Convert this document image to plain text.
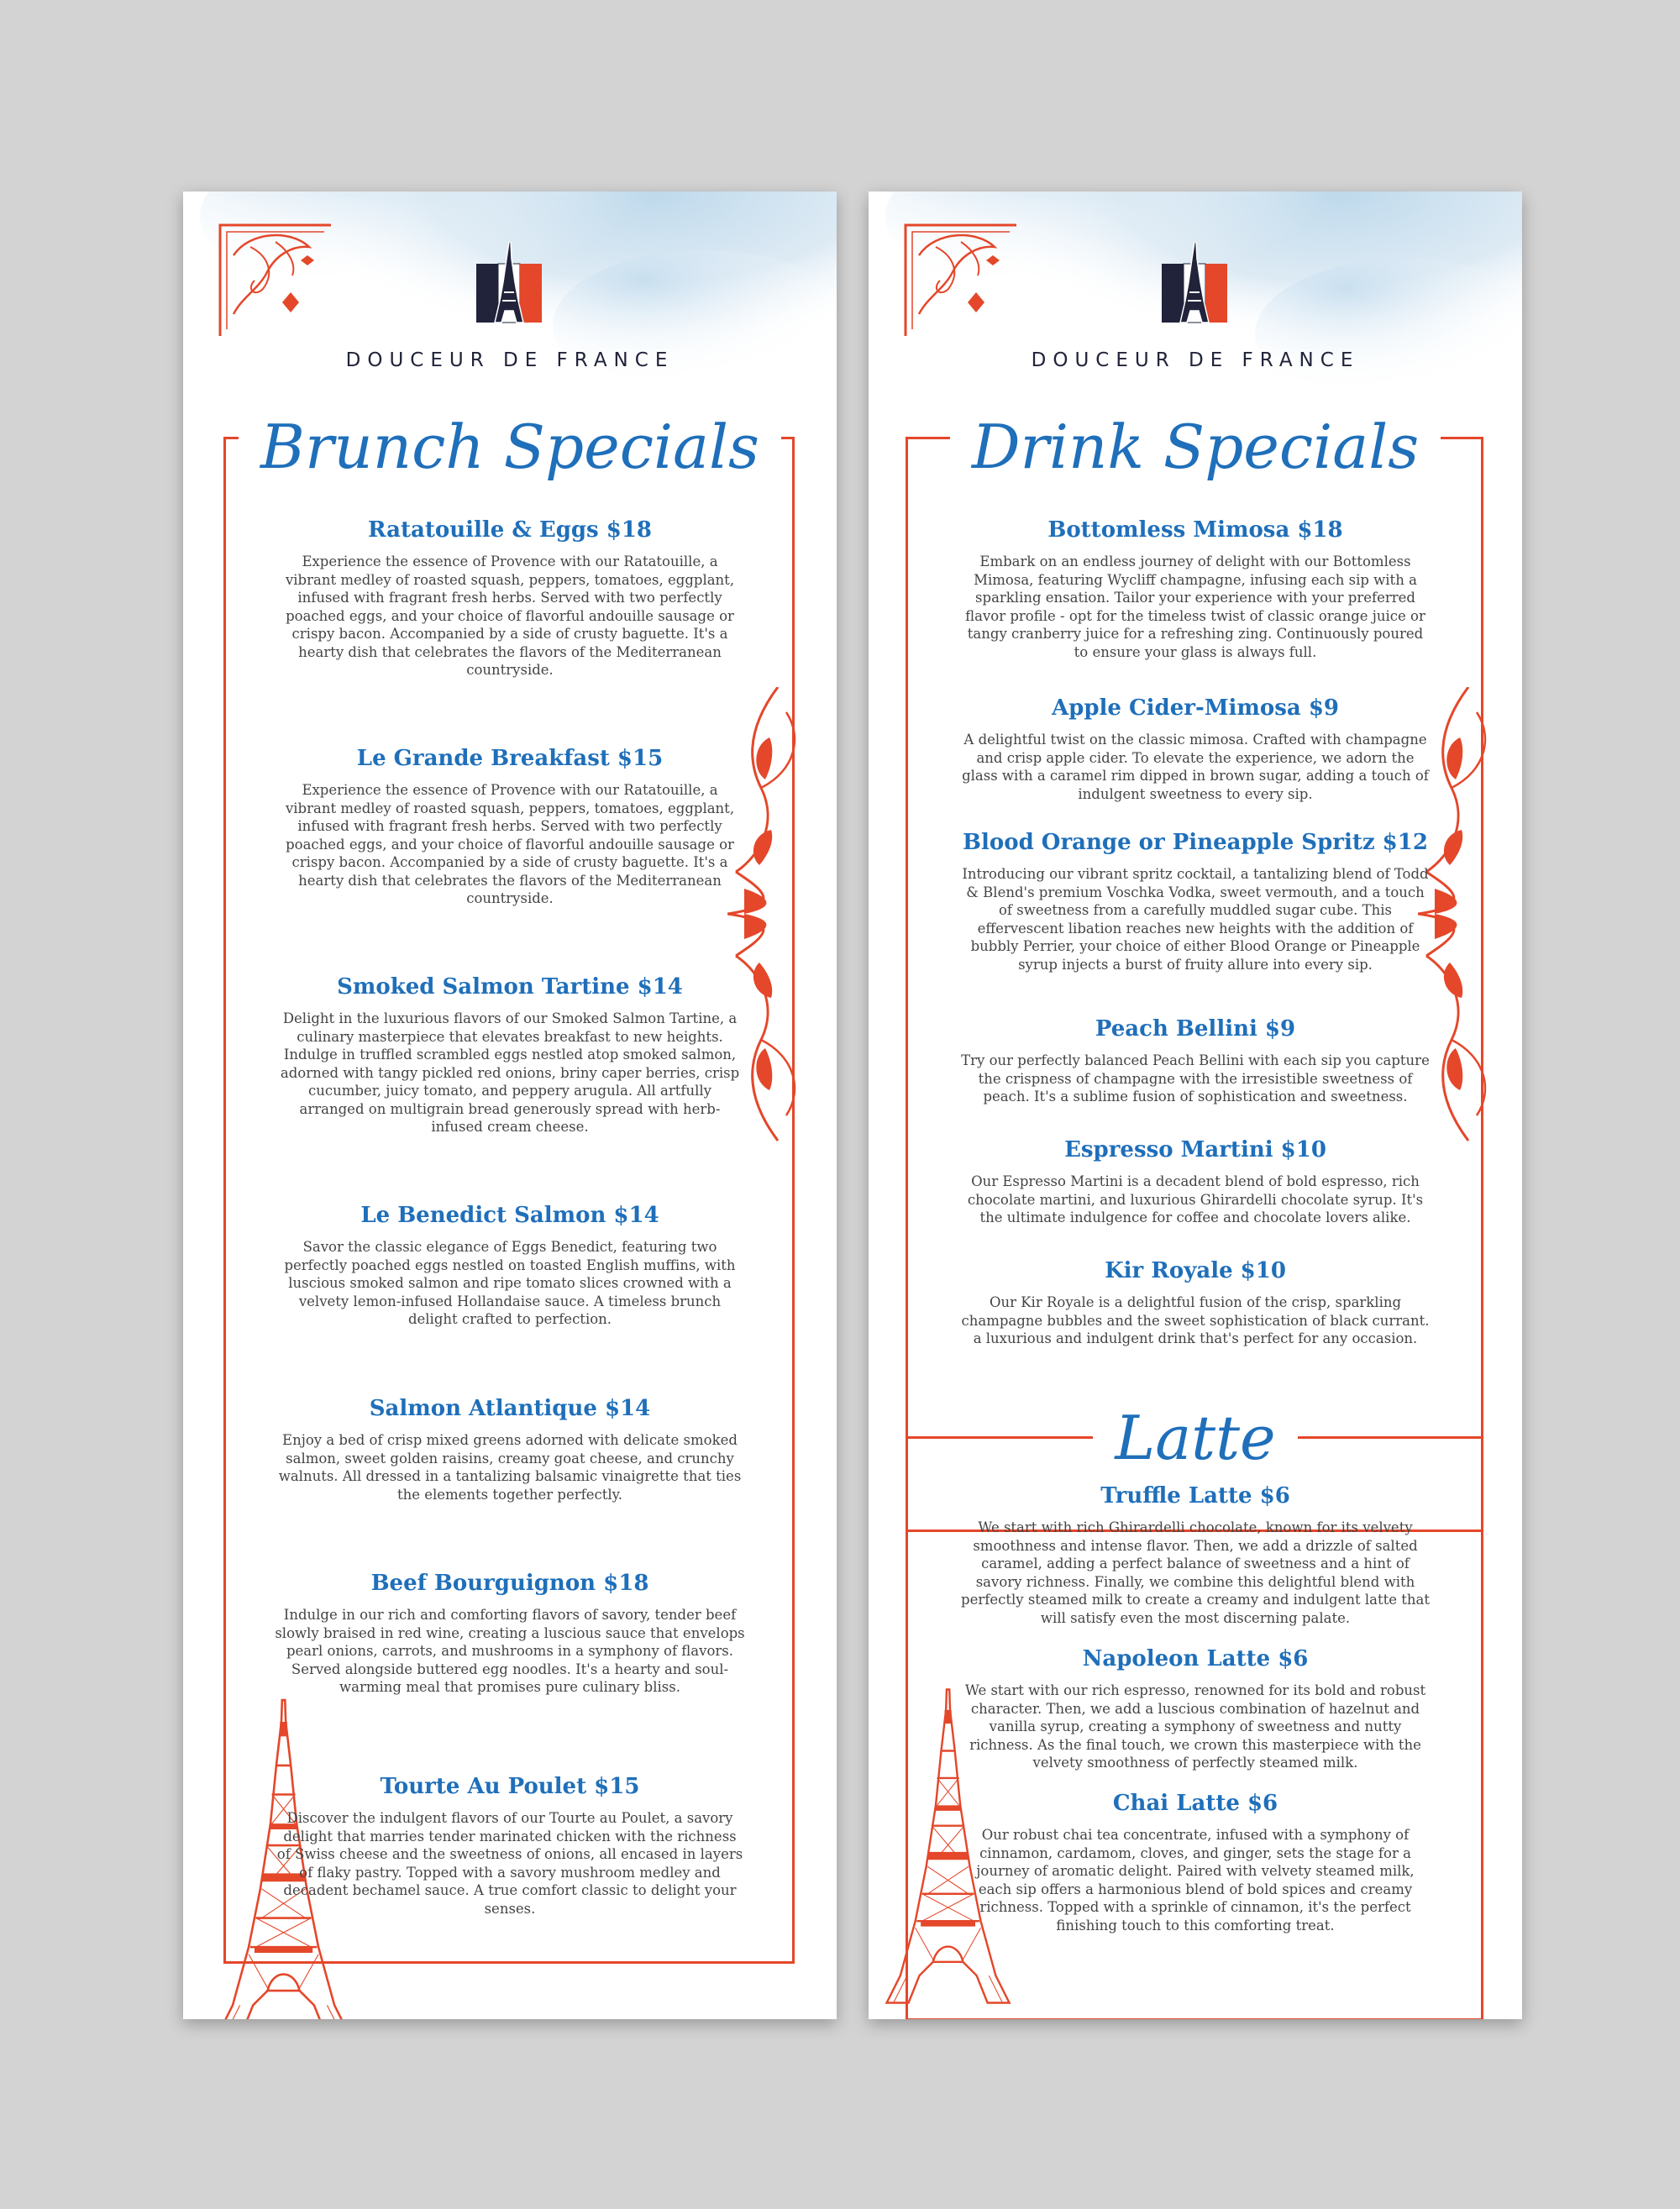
DOUCEUR DE FRANCE
Brunch Specials
Ratatouille & Eggs $18
Experience the essence of Provence with our Ratatouille, a vibrant medley of roasted squash, peppers, tomatoes, eggplant, infused with fragrant fresh herbs. Served with two perfectly poached eggs, and your choice of flavorful andouille sausage or crispy bacon. Accompanied by a side of crusty baguette. It's a hearty dish that celebrates the flavors of the Mediterranean countryside.
Le Grande Breakfast $15
Experience the essence of Provence with our Ratatouille, a vibrant medley of roasted squash, peppers, tomatoes, eggplant, infused with fragrant fresh herbs. Served with two perfectly poached eggs, and your choice of flavorful andouille sausage or crispy bacon. Accompanied by a side of crusty baguette. It's a hearty dish that celebrates the flavors of the Mediterranean countryside.
Smoked Salmon Tartine $14
Delight in the luxurious flavors of our Smoked Salmon Tartine, a culinary masterpiece that elevates breakfast to new heights. Indulge in truffled scrambled eggs nestled atop smoked salmon, adorned with tangy pickled red onions, briny caper berries, crisp cucumber, juicy tomato, and peppery arugula. All artfully arranged on multigrain bread generously spread with herb-infused cream cheese.
Le Benedict Salmon $14
Savor the classic elegance of Eggs Benedict, featuring two perfectly poached eggs nestled on toasted English muffins, with luscious smoked salmon and ripe tomato slices crowned with a velvety lemon-infused Hollandaise sauce. A timeless brunch delight crafted to perfection.
Salmon Atlantique $14
Enjoy a bed of crisp mixed greens adorned with delicate smoked salmon, sweet golden raisins, creamy goat cheese, and crunchy walnuts. All dressed in a tantalizing balsamic vinaigrette that ties the elements together perfectly.
Beef Bourguignon $18
Indulge in our rich and comforting flavors of savory, tender beef slowly braised in red wine, creating a luscious sauce that envelops pearl onions, carrots, and mushrooms in a symphony of flavors. Served alongside buttered egg noodles. It's a hearty and soul-warming meal that promises pure culinary bliss.
Tourte Au Poulet $15
Discover the indulgent flavors of our Tourte au Poulet, a savory delight that marries tender marinated chicken with the richness of Swiss cheese and the sweetness of onions, all encased in layers of flaky pastry. Topped with a savory mushroom medley and decadent bechamel sauce. A true comfort classic to delight your senses.
DOUCEUR DE FRANCE
Drink Specials
Bottomless Mimosa $18
Embark on an endless journey of delight with our Bottomless Mimosa, featuring Wycliff champagne, infusing each sip with a sparkling ensation. Tailor your experience with your preferred flavor profile - opt for the timeless twist of classic orange juice or tangy cranberry juice for a refreshing zing. Continuously poured to ensure your glass is always full.
Apple Cider-Mimosa $9
A delightful twist on the classic mimosa. Crafted with champagne and crisp apple cider. To elevate the experience, we adorn the glass with a caramel rim dipped in brown sugar, adding a touch of indulgent sweetness to every sip.
Blood Orange or Pineapple Spritz $12
Introducing our vibrant spritz cocktail, a tantalizing blend of Todd & Blend's premium Voschka Vodka, sweet vermouth, and a touch of sweetness from a carefully muddled sugar cube. This effervescent libation reaches new heights with the addition of bubbly Perrier, your choice of either Blood Orange or Pineapple syrup injects a burst of fruity allure into every sip.
Peach Bellini $9
Try our perfectly balanced Peach Bellini with each sip you capture the crispness of champagne with the irresistible sweetness of peach. It's a sublime fusion of sophistication and sweetness.
Espresso Martini $10
Our Espresso Martini is a decadent blend of bold espresso, rich chocolate martini, and luxurious Ghirardelli chocolate syrup. It's the ultimate indulgence for coffee and chocolate lovers alike.
Kir Royale $10
Our Kir Royale is a delightful fusion of the crisp, sparkling champagne bubbles and the sweet sophistication of black currant. a luxurious and indulgent drink that's perfect for any occasion.
Latte
Truffle Latte $6
We start with rich Ghirardelli chocolate, known for its velvety smoothness and intense flavor. Then, we add a drizzle of salted caramel, adding a perfect balance of sweetness and a hint of savory richness. Finally, we combine this delightful blend with perfectly steamed milk to create a creamy and indulgent latte that will satisfy even the most discerning palate.
Napoleon Latte $6
We start with our rich espresso, renowned for its bold and robust character. Then, we add a luscious combination of hazelnut and vanilla syrup, creating a symphony of sweetness and nutty richness. As the final touch, we crown this masterpiece with the velvety smoothness of perfectly steamed milk.
Chai Latte $6
Our robust chai tea concentrate, infused with a symphony of cinnamon, cardamom, cloves, and ginger, sets the stage for a journey of aromatic delight. Paired with velvety steamed milk, each sip offers a harmonious blend of bold spices and creamy richness. Topped with a sprinkle of cinnamon, it's the perfect finishing touch to this comforting treat.
